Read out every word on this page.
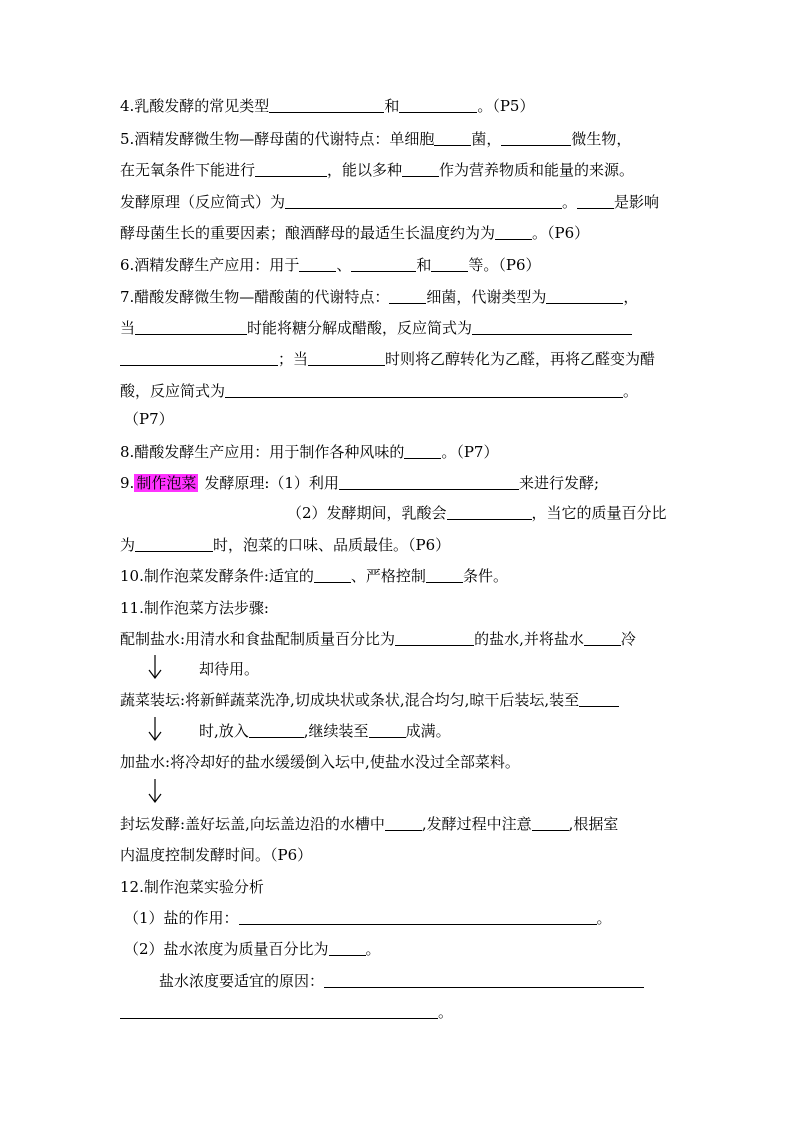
4.乳酸发酵的常见类型	和	。（P5）
5.酒精发酵微生物—酵母菌的代谢特点：单细胞 菌，	微生物，
在无氧条件下能进行	，能以多种 作为营养物质和能量的来源。
发酵原理（反应简式）为	。 是影响
酵母菌生长的重要因素；酿酒酵母的最适生长温度约为为 。（P6）
6.酒精发酵生产应用：用于 、	和 等。（P6）
7.醋酸发酵微生物—醋酸菌的代谢特点： 细菌，代谢类型为	，
当	时能将糖分解成醋酸，反应简式为
；当	时则将乙醇转化为乙醛，再将乙醛变为醋
酸，反应简式为	。
（P7）
8.醋酸发酵生产应用：用于制作各种风味的 。（P7）
9. 制作泡菜 发酵原理:（1）利用	来进行发酵;
（2）发酵期间，乳酸会	，当它的质量百分比
为	时，泡菜的口味、品质最佳。（P6）
10.制作泡菜发酵条件:适宜的 、严格控制 条件。
11.制作泡菜方法步骤:
配制盐水:用清水和食盐配制质量百分比为	的盐水,并将盐水 冷
却待用。
蔬菜装坛:将新鲜蔬菜洗净,切成块状或条状,混合均匀,晾干后装坛,装至
时,放入	,继续装至 成满。
加盐水:将冷却好的盐水缓缓倒入坛中,使盐水没过全部菜料。
封坛发酵:盖好坛盖,向坛盖边沿的水槽中 ,发酵过程中注意 ,根据室
内温度控制发酵时间。（P6）
12.制作泡菜实验分析
（1）盐的作用：	。
（2）盐水浓度为质量百分比为 。
盐水浓度要适宜的原因：
。
